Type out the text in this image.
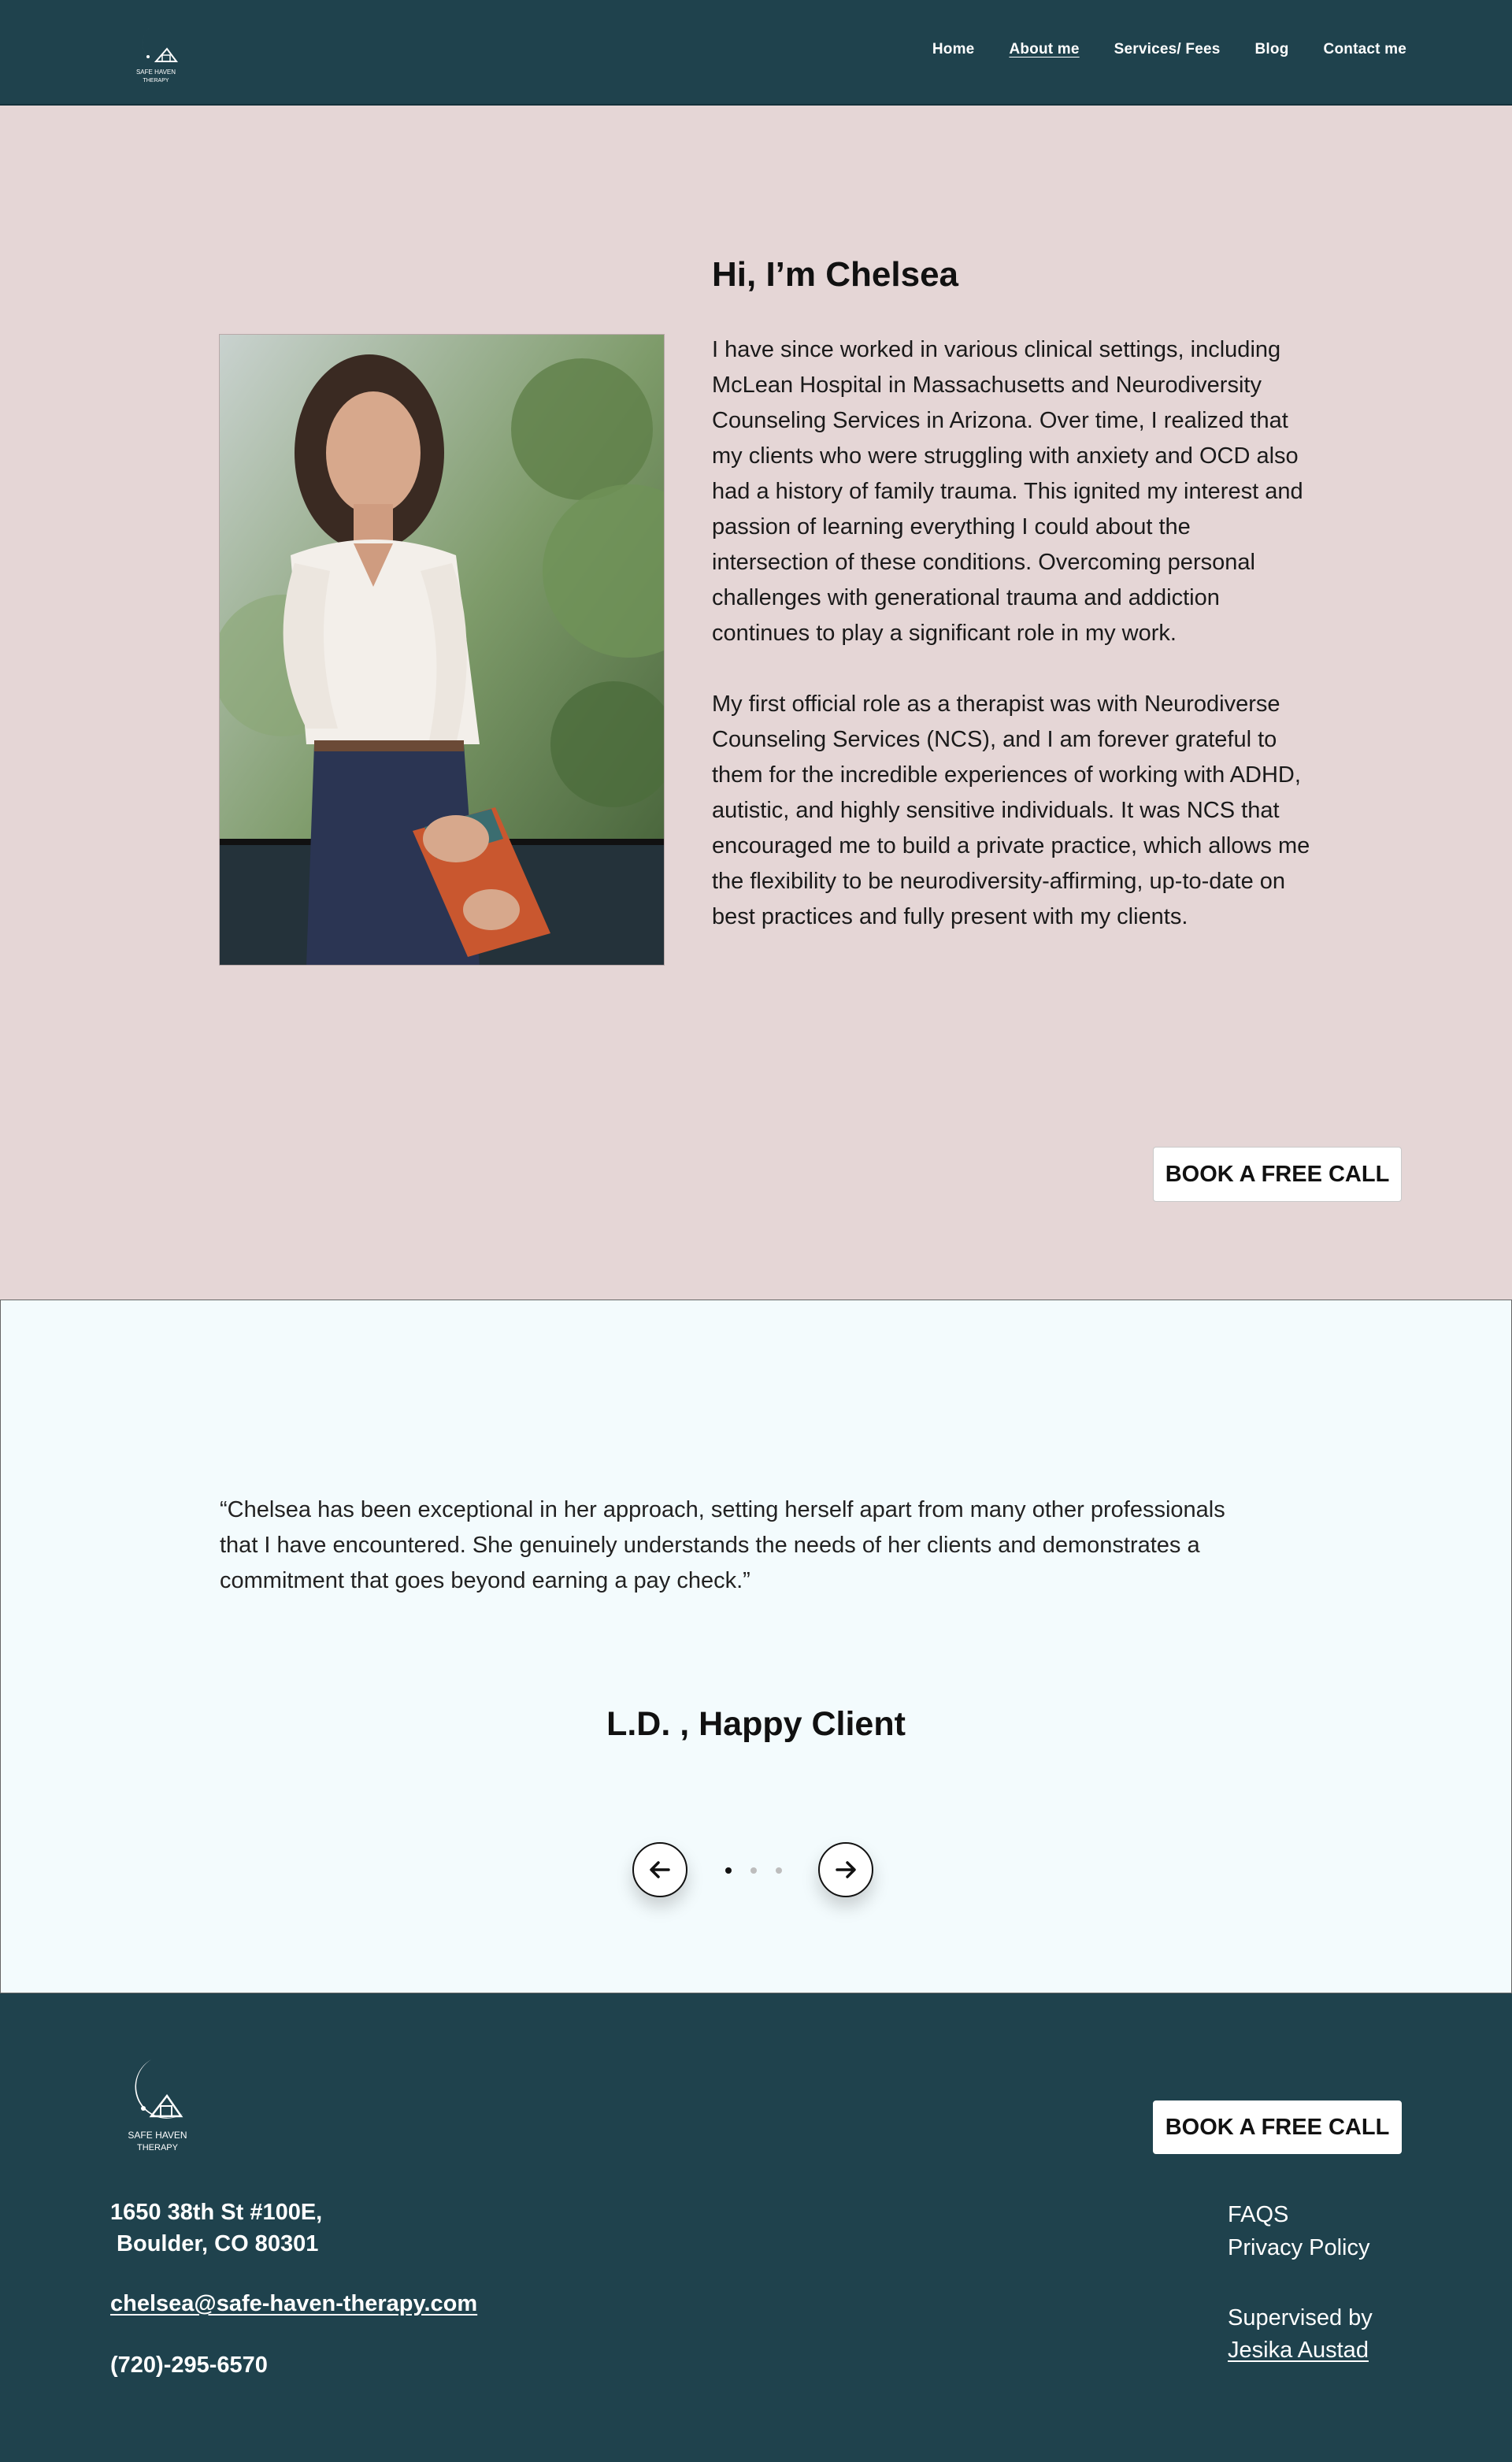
SAFE HAVEN
THERAPY
Home About me Services/ Fees Blog Contact me
Hi, I’m Chelsea

I have since worked in various clinical settings, including McLean Hospital in Massachusetts and Neurodiversity Counseling Services in Arizona. Over time, I realized that my clients who were struggling with anxiety and OCD also had a history of family trauma. This ignited my interest and passion of learning everything I could about the intersection of these conditions. Overcoming personal challenges with generational trauma and addiction continues to play a significant role in my work.

My first official role as a therapist was with Neurodiverse Counseling Services (NCS), and I am forever grateful to them for the incredible experiences of working with ADHD, autistic, and highly sensitive individuals. It was NCS that encouraged me to build a private practice, which allows me the flexibility to be neurodiversity-affirming, up-to-date on best practices and fully present with my clients.

BOOK A FREE CALL

“Chelsea has been exceptional in her approach, setting herself apart from many other professionals that I have encountered. She genuinely understands the needs of her clients and demonstrates a commitment that goes beyond earning a pay check.”

L.D. , Happy Client
SAFE HAVEN
THERAPY
1650 38th St #100E,
Boulder, CO 80301
chelsea@safe-haven-therapy.com
(720)-295-6570
BOOK A FREE CALL
FAQS
Privacy Policy
Supervised by
Jesika Austad
